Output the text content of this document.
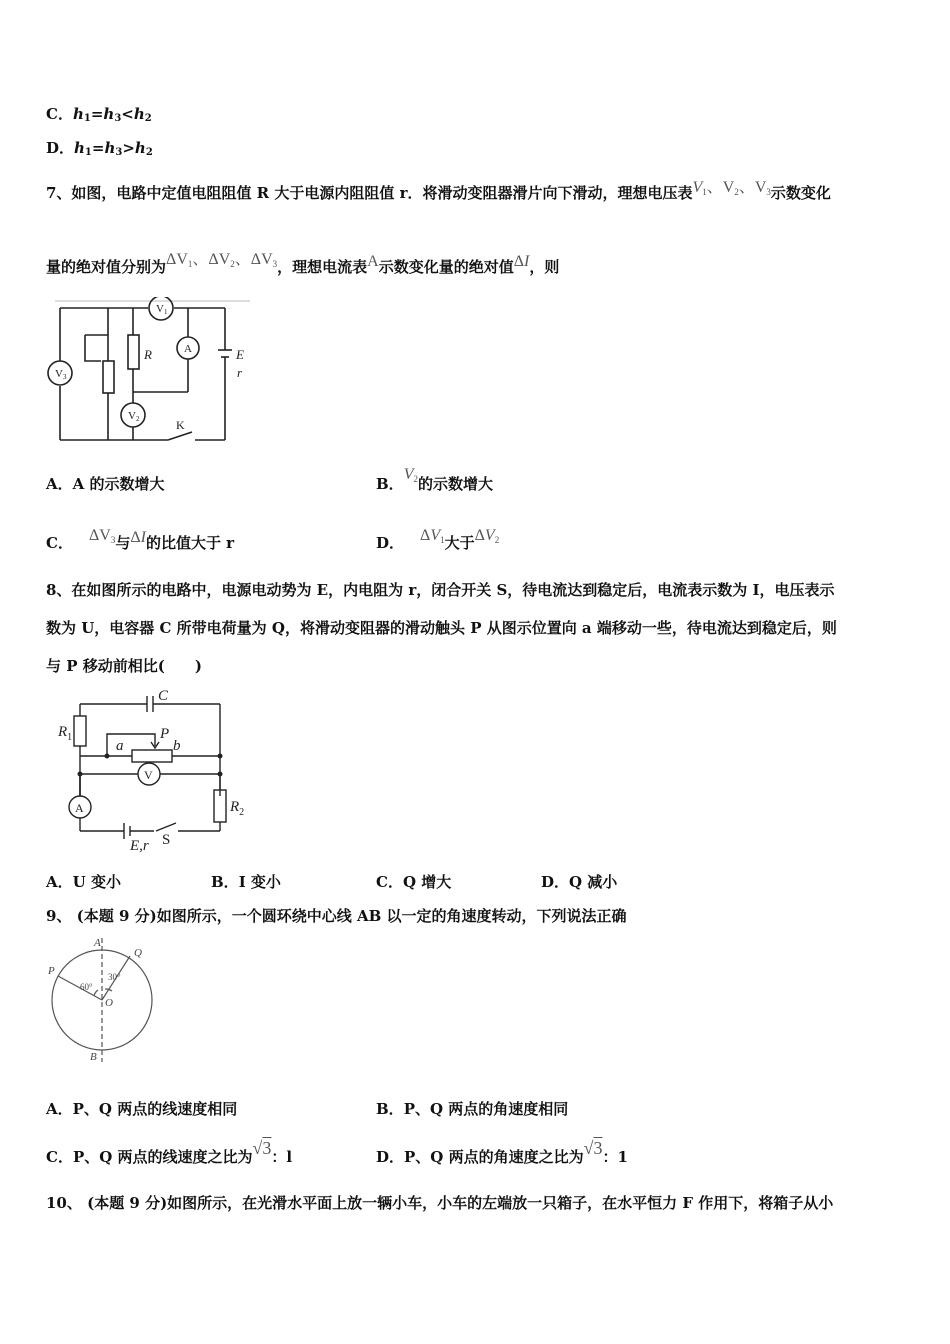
C．h1=h3<h2
D．h1=h3>h2
7、如图，电路中定值电阻阻值 R 大于电源内阻阻值 r．将滑动变阻器滑片向下滑动，理想电压表$V_1$、$V_2$、$V_3$示数变化
量的绝对值分别为$\Delta V_1$、$\Delta V_2$、$\Delta V_3$，理想电流表A示数变化量的绝对值ΔI，则
V3
V2
V1
A
R	E
r
K
A．A 的示数增大	B．$V_2$的示数增大
C． $\Delta V_3$与ΔI的比值大于 r	D． $\Delta V_1$大于$\Delta V_2$
8、在如图所示的电路中，电源电动势为 E，内电阻为 r，闭合开关 S，待电流达到稳定后，电流表示数为 I，电压表示
数为 U，电容器 C 所带电荷量为 Q，将滑动变阻器的滑动触头 P 从图示位置向 a 端移动一些，待电流达到稳定后，则
与 P 移动前相比(　　)
C
$R_1$
a
P
b
V
A	$R_2$
E,r S
A．U 变小	B．I 变小	C．Q 增大	D．Q 减小
9、 (本题 9 分)如图所示，一个圆环绕中心线 AB 以一定的角速度转动，下列说法正确
A
B
P
Q
O
60°
30°
A．P、Q 两点的线速度相同	B．P、Q 两点的角速度相同
C．P、Q 两点的线速度之比为√3：l	D．P、Q 两点的角速度之比为√3：1
10、 (本题 9 分)如图所示，在光滑水平面上放一辆小车，小车的左端放一只箱子，在水平恒力 F 作用下，将箱子从小
